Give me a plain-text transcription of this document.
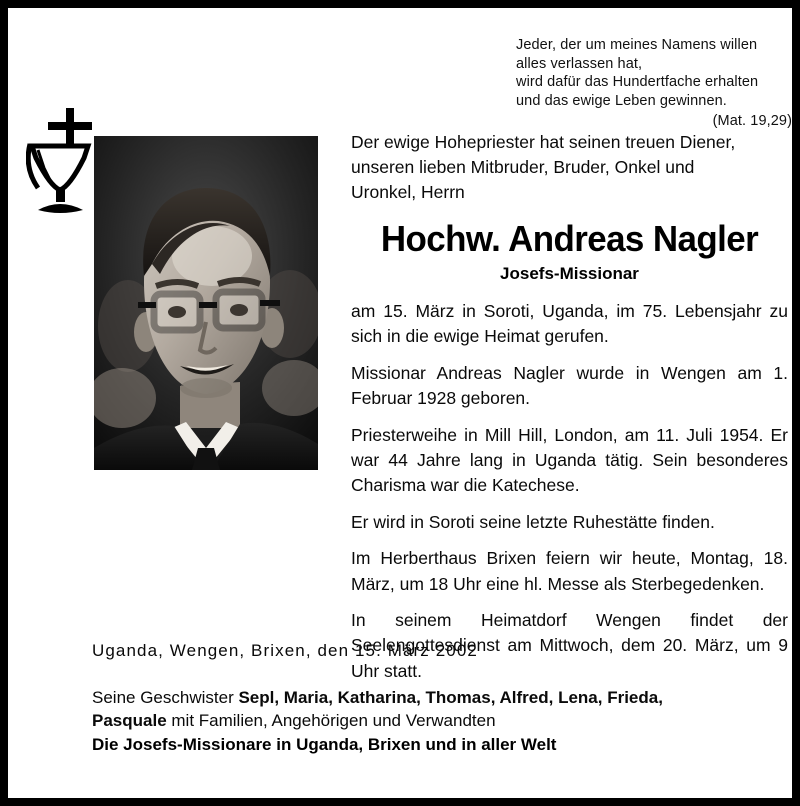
Jeder, der um meines Namens willen
alles verlassen hat,
wird dafür das Hundertfache erhalten
und das ewige Leben gewinnen.
(Mat. 19,29)
Der ewige Hohepriester hat seinen treuen Diener,
unseren lieben Mitbruder, Bruder, Onkel und
Uronkel, Herrn
Hochw. Andreas Nagler
Josefs-Missionar

am 15. März in Soroti, Uganda, im 75. Lebensjahr zu sich in die ewige Heimat gerufen.

Missionar Andreas Nagler wurde in Wengen am 1. Februar 1928 geboren.

Priesterweihe in Mill Hill, London, am 11. Juli 1954. Er war 44 Jahre lang in Uganda tätig. Sein besonderes Charisma war die Katechese.

Er wird in Soroti seine letzte Ruhestätte finden.

Im Herberthaus Brixen feiern wir heute, Montag, 18. März, um 18 Uhr eine hl. Messe als Sterbegedenken.

In seinem Heimatdorf Wengen findet der Seelengottesdienst am Mittwoch, dem 20. März, um 9 Uhr statt.

Uganda, Wengen, Brixen, den 15. März 2002
Seine Geschwister Sepl, Maria, Katharina, Thomas, Alfred, Lena, Frieda, Pasquale mit Familien, Angehörigen und Verwandten
Die Josefs-Missionare in Uganda, Brixen und in aller Welt
